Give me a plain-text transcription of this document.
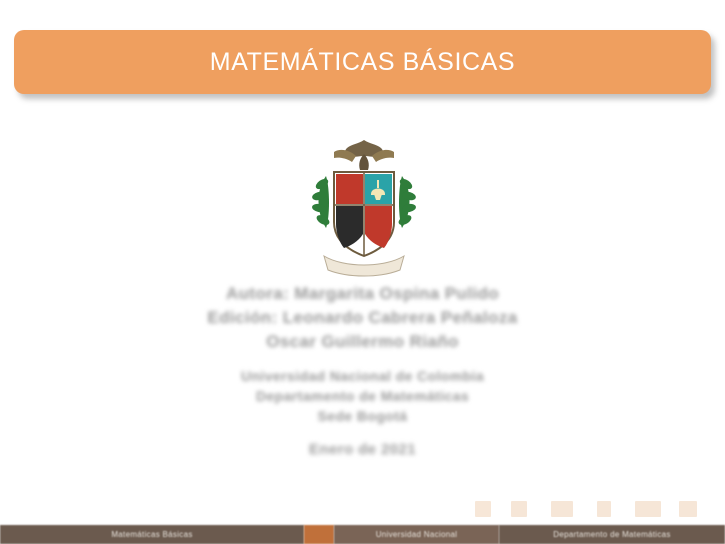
MATEMÁTICAS BÁSICAS
Autora: Margarita Ospina Pulido
Edición: Leonardo Cabrera Peñaloza
Oscar Guillermo Riaño
Universidad Nacional de Colombia
Departamento de Matemáticas
Sede Bogotá
Enero de 2021
Matemáticas Básicas	Universidad Nacional	Departamento de Matemáticas
